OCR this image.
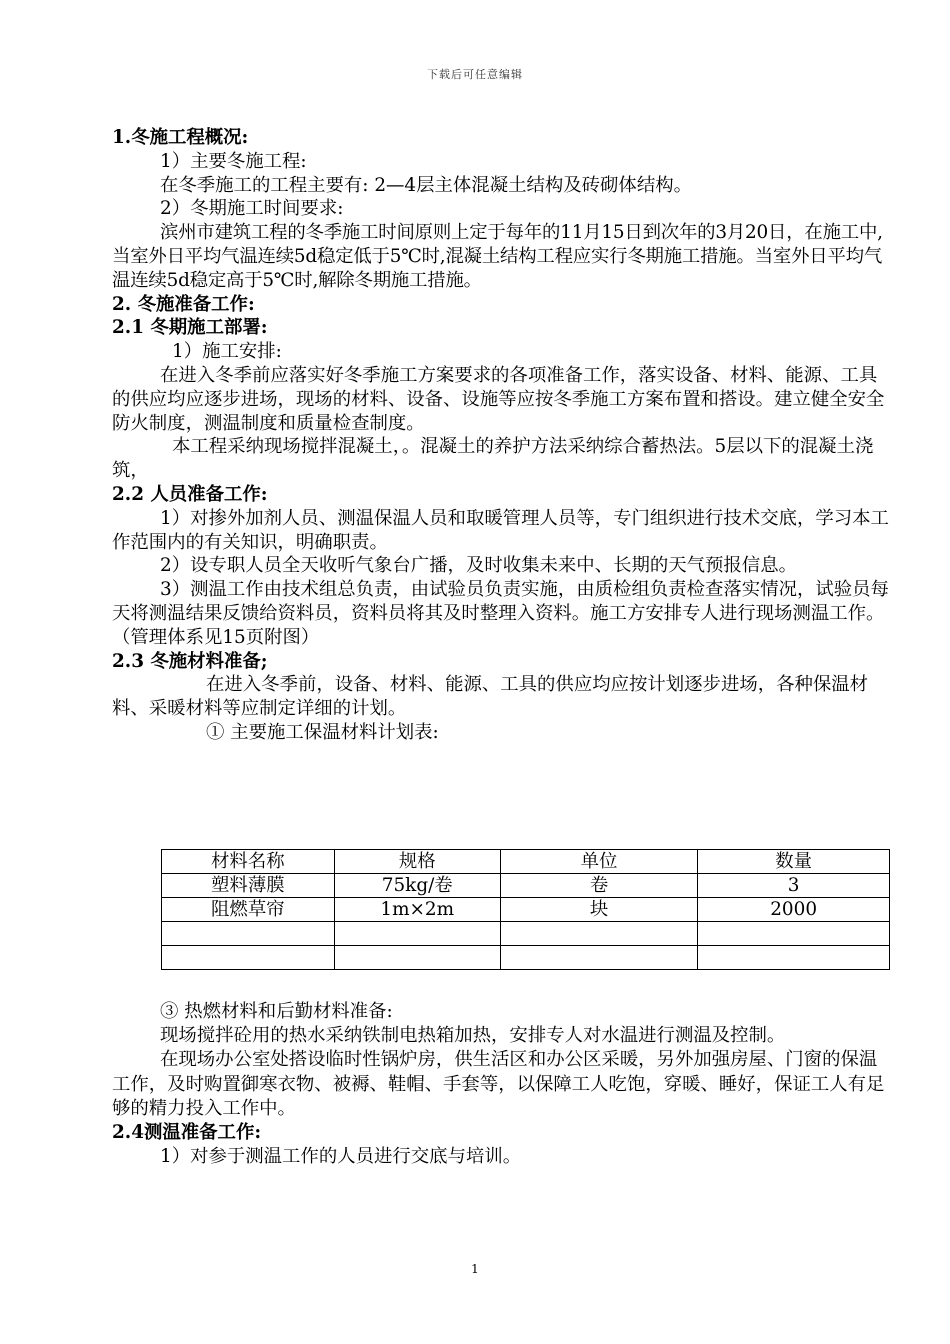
下载后可任意编辑

1.冬施工程概况:

1）主要冬施工程:

在冬季施工的工程主要有: 2—4层主体混凝土结构及砖砌体结构。

2）冬期施工时间要求:

滨州市建筑工程的冬季施工时间原则上定于每年的11月15日到次年的3月20日，在施工中,当室外日平均气温连续5d稳定低于5℃时,混凝土结构工程应实行冬期施工措施。当室外日平均气温连续5d稳定高于5℃时,解除冬期施工措施。

2. 冬施准备工作:

2.1 冬期施工部署:

1）施工安排:

在进入冬季前应落实好冬季施工方案要求的各项准备工作，落实设备、材料、能源、工具的供应均应逐步进场，现场的材料、设备、设施等应按冬季施工方案布置和搭设。建立健全安全防火制度，测温制度和质量检查制度。

本工程采纳现场搅拌混凝土，。混凝土的养护方法采纳综合蓄热法。5层以下的混凝土浇筑，

2.2 人员准备工作:

1）对掺外加剂人员、测温保温人员和取暖管理人员等，专门组织进行技术交底，学习本工作范围内的有关知识，明确职责。

2）设专职人员全天收听气象台广播，及时收集未来中、长期的天气预报信息。

3）测温工作由技术组总负责，由试验员负责实施，由质检组负责检查落实情况，试验员每天将测温结果反馈给资料员，资料员将其及时整理入资料。施工方安排专人进行现场测温工作。（管理体系见15页附图）

2.3 冬施材料准备;

在进入冬季前，设备、材料、能源、工具的供应均应按计划逐步进场，各种保温材料、采暖材料等应制定详细的计划。

① 主要施工保温材料计划表:

材料名称	规格	单位	数量
塑料薄膜	75kg/卷	卷	3
阻燃草帘	1m×2m	块	2000

③ 热燃材料和后勤材料准备:

现场搅拌砼用的热水采纳铁制电热箱加热，安排专人对水温进行测温及控制。

在现场办公室处搭设临时性锅炉房，供生活区和办公区采暖，另外加强房屋、门窗的保温工作，及时购置御寒衣物、被褥、鞋帽、手套等，以保障工人吃饱，穿暖、睡好，保证工人有足够的精力投入工作中。

2.4测温准备工作:

1）对参于测温工作的人员进行交底与培训。

1
